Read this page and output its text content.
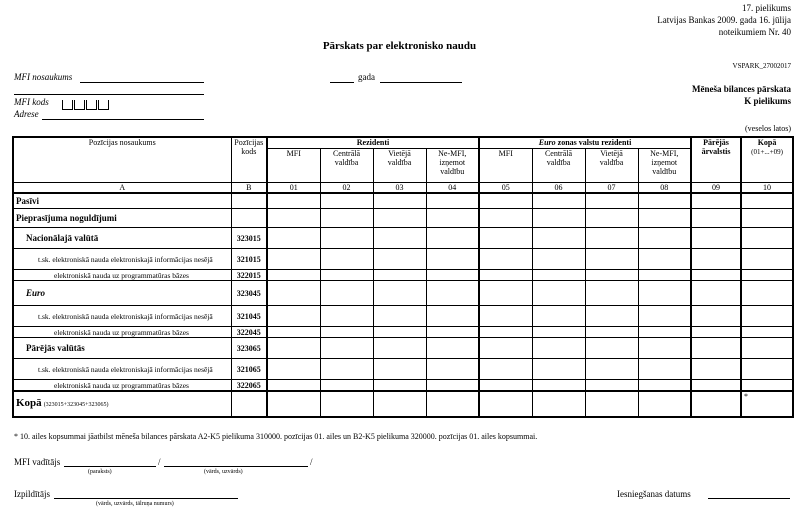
17. pielikums
Latvijas Bankas 2009. gada 16. jūlija
noteikumiem Nr. 40
Pārskats par elektronisko naudu
VSPARK_27002017
Mēneša bilances pārskata
K pielikums
(veselos latos)
MFI nosaukums	gada
MFI kods
Adrese
Pozīcijas nosaukums	Pozīcijas kods	Rezidenti				Euro zonas valstu rezidenti				Pārējās ārvalstis	Kopā
(01+...+09)
		MFI	Centrālā valdība	Vietējā valdība	Ne-MFI, izņemot valdību	MFI	Centrālā valdība	Vietējā valdība	Ne-MFI, izņemot valdību		
A	B	01	02	03	04	05	06	07	08	09	10
Pasīvi											
Pieprasījuma noguldījumi											
Nacionālajā valūtā	323015										
t.sk. elektroniskā nauda elektroniskajā informācijas nesējā	321015										
elektroniskā nauda uz programmatūras bāzes	322015										
Euro	323045										
t.sk. elektroniskā nauda elektroniskajā informācijas nesējā	321045										
elektroniskā nauda uz programmatūras bāzes	322045										
Pārējās valūtās	323065										
t.sk. elektroniskā nauda elektroniskajā informācijas nesējā	321065										
elektroniskā nauda uz programmatūras bāzes	322065										
Kopā (323015+323045+323065)											*
* 10. ailes kopsummai jāatbilst mēneša bilances pārskata A2-K5 pielikuma 310000. pozīcijas 01. ailes un B2-K5 pielikuma 320000. pozīcijas 01. ailes kopsummai.
MFI vadītājs	/	/
(paraksts)	(vārds, uzvārds)
Izpildītājs
(vārds, uzvārds, tālruņa numurs)
Iesniegšanas datums
